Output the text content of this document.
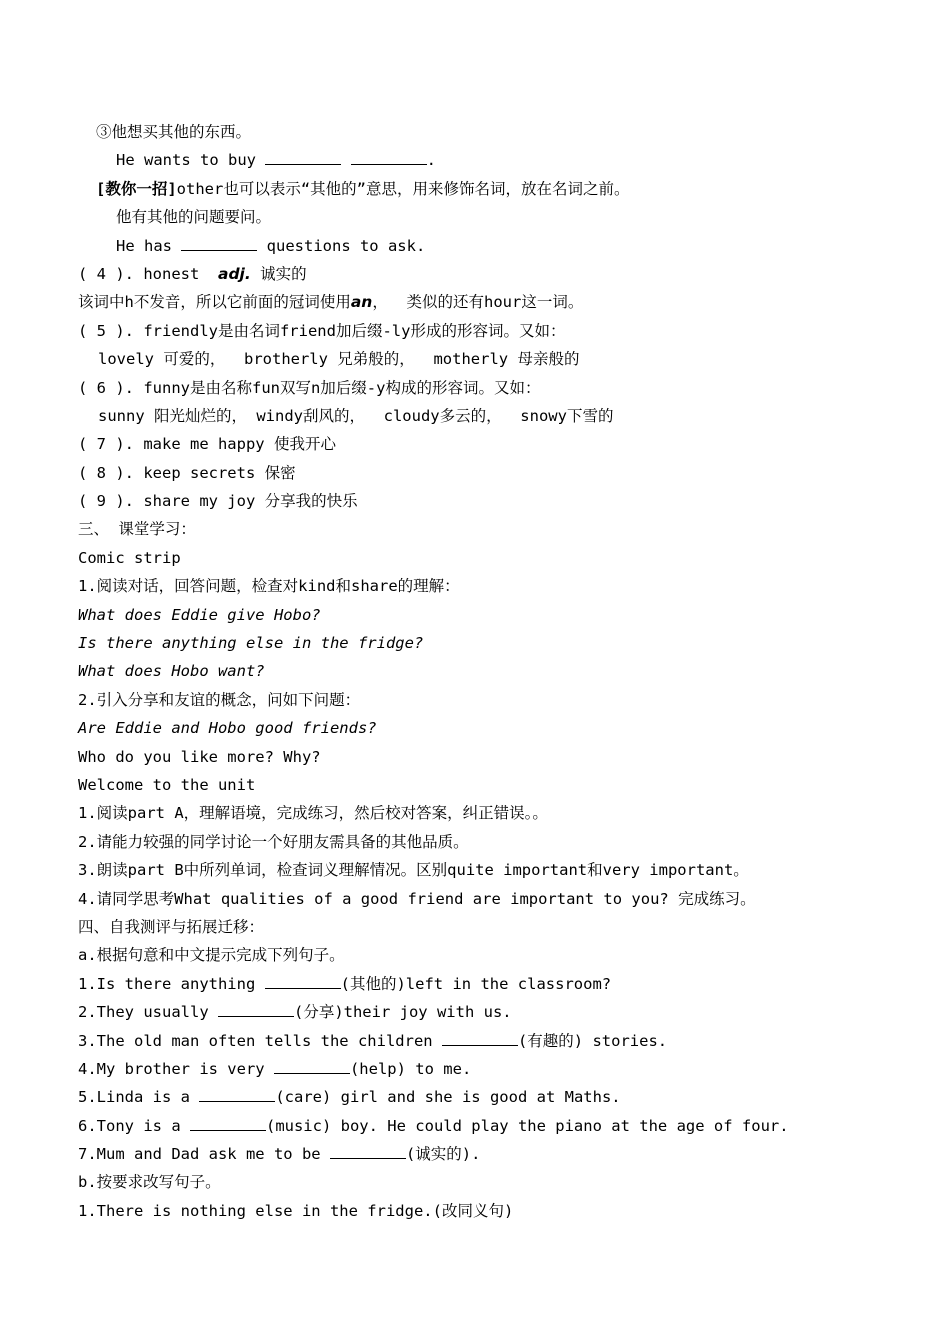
③他想买其他的东西。
He wants to buy	.
[教你一招]other也可以表示“其他的”意思，用来修饰名词，放在名词之前。
他有其他的问题要问。
He has	questions to ask.
( 4 ). honest  adj. 诚实的
该词中h不发音，所以它前面的冠词使用an，  类似的还有hour这一词。
( 5 ). friendly是由名词friend加后缀-ly形成的形容词。又如：
lovely 可爱的，  brotherly 兄弟般的，  motherly 母亲般的
( 6 ). funny是由名称fun双写n加后缀-y构成的形容词。又如：
sunny 阳光灿烂的， windy刮风的，  cloudy多云的，  snowy下雪的
( 7 ). make me happy 使我开心
( 8 ). keep secrets 保密
( 9 ). share my joy 分享我的快乐
三、 课堂学习：
Comic strip
1.阅读对话，回答问题，检查对kind和share的理解：
What does Eddie give Hobo?
Is there anything else in the fridge?
What does Hobo want?
2.引入分享和友谊的概念，问如下问题：
Are Eddie and Hobo good friends?
Who do you like more? Why?
Welcome to the unit
1.阅读part A，理解语境，完成练习，然后校对答案，纠正错误。。
2.请能力较强的同学讨论一个好朋友需具备的其他品质。
3.朗读part B中所列单词，检查词义理解情况。区别quite important和very important。
4.请同学思考What qualities of a good friend are important to you? 完成练习。
四、自我测评与拓展迁移：
a.根据句意和中文提示完成下列句子。
1.Is there anything	(其他的)left in the classroom?
2.They usually	(分享)their joy with us.
3.The old man often tells the children	(有趣的) stories.
4.My brother is very	(help) to me.
5.Linda is a	(care) girl and she is good at Maths.
6.Tony is a	(music) boy. He could play the piano at the age of four.
7.Mum and Dad ask me to be	(诚实的).
b.按要求改写句子。
1.There is nothing else in the fridge.(改同义句)
